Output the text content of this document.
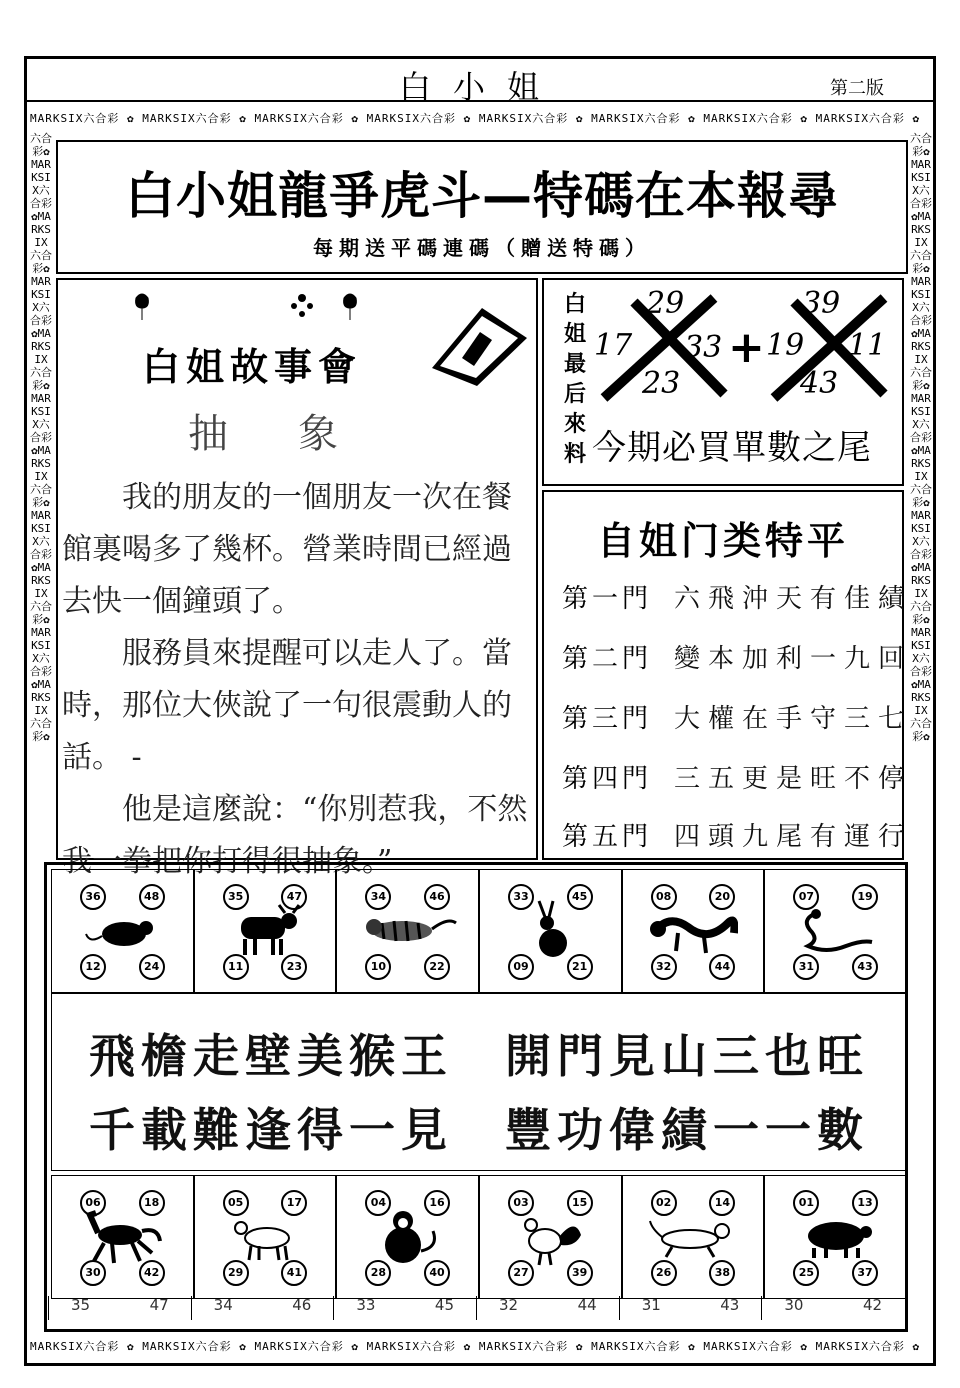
白小姐	第二版
MARKSIX六合彩 ✿ MARKSIX六合彩 ✿ MARKSIX六合彩 ✿ MARKSIX六合彩 ✿ MARKSIX六合彩 ✿ MARKSIX六合彩 ✿ MARKSIX六合彩 ✿ MARKSIX六合彩 ✿
MARKSIX六合彩 ✿ MARKSIX六合彩 ✿ MARKSIX六合彩 ✿ MARKSIX六合彩 ✿ MARKSIX六合彩 ✿ MARKSIX六合彩 ✿ MARKSIX六合彩 ✿ MARKSIX六合彩 ✿
六合彩✿MARKSIX六合彩✿MARKSIX六合彩✿MARKSIX六合彩✿MARKSIX六合彩✿MARKSIX六合彩✿MARKSIX六合彩✿MARKSIX六合彩✿MARKSIX六合彩✿MARKSIX六合彩✿MARKSIX六合彩✿
六合彩✿MARKSIX六合彩✿MARKSIX六合彩✿MARKSIX六合彩✿MARKSIX六合彩✿MARKSIX六合彩✿MARKSIX六合彩✿MARKSIX六合彩✿MARKSIX六合彩✿MARKSIX六合彩✿MARKSIX六合彩✿
白小姐龍爭虎斗—特碼在本報尋
每期送平碼連碼（贈送特碼）
白姐故事會
抽象

　　我的朋友的一個朋友一次在餐館裏喝多了幾杯。營業時間已經過去快一個鐘頭了。

　　服務員來提醒可以走人了。當時，那位大俠說了一句很震動人的話。 -

　　他是這麼說：“你別惹我，不然我一拳把你打得很抽象。”

白姐最后來料
29
17 33
23
+
39
19 11
43
今期必買單數之尾
自姐门类特平
第一門 六飛沖天有佳績
第二門 變本加利一九回
第三門 大權在手守三七
第四門 三五更是旺不停
第五門 四頭九尾有運行
36	48
12	24
35	47
11	23
34	46
10	22
33	45
09	21
08	20
32	44
07	19
31	43
飛檐走壁美猴王　開門見山三也旺
千載難逢得一見　豐功偉績一一數
06	18
30	42
05	17
29	41
04	16
28	40
03	15
27	39
02	14
26	38
01	13
25	37
35	47	34	46	33	45	32	44	31	43	30	42
